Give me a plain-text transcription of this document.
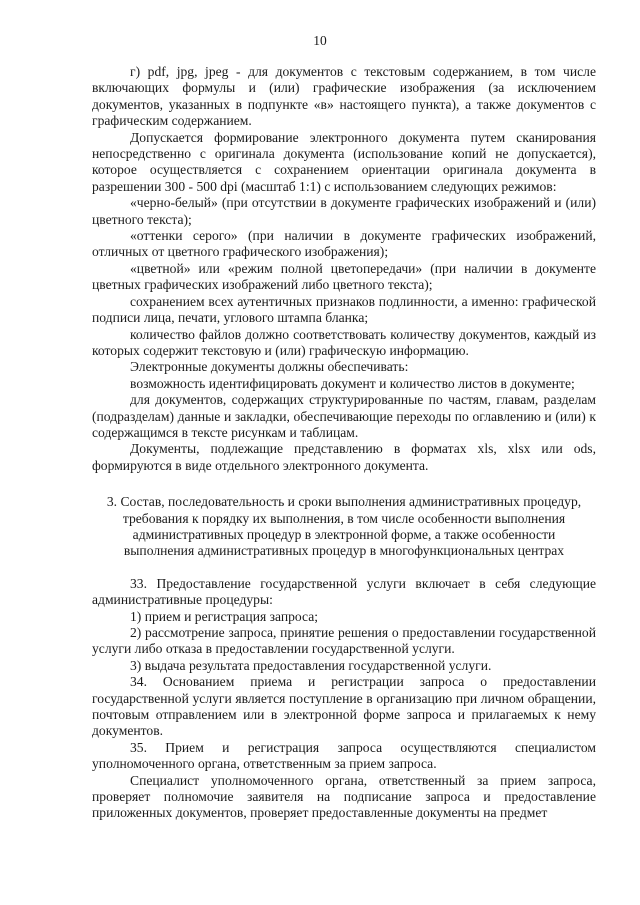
10

г) pdf, jpg, jpeg - для документов с текстовым содержанием, в том числе включающих формулы и (или) графические изображения (за исключением документов, указанных в подпункте «в» настоящего пункта), а также документов с графическим содержанием.

Допускается формирование электронного документа путем сканирования непосредственно с оригинала документа (использование копий не допускается), которое осуществляется с сохранением ориентации оригинала документа в разрешении 300 - 500 dpi (масштаб 1:1) с использованием следующих режимов:

«черно-белый» (при отсутствии в документе графических изображений и (или) цветного текста);

«оттенки серого» (при наличии в документе графических изображений, отличных от цветного графического изображения);

«цветной» или «режим полной цветопередачи» (при наличии в документе цветных графических изображений либо цветного текста);

сохранением всех аутентичных признаков подлинности, а именно: графической подписи лица, печати, углового штампа бланка;

количество файлов должно соответствовать количеству документов, каждый из которых содержит текстовую и (или) графическую информацию.

Электронные документы должны обеспечивать:

возможность идентифицировать документ и количество листов в документе;

для документов, содержащих структурированные по частям, главам, разделам (подразделам) данные и закладки, обеспечивающие переходы по оглавлению и (или) к содержащимся в тексте рисункам и таблицам.

Документы, подлежащие представлению в форматах xls, xlsx или ods, формируются в виде отдельного электронного документа.

3. Состав, последовательность и сроки выполнения административных процедур, требования к порядку их выполнения, в том числе особенности выполнения административных процедур в электронной форме, а также особенности выполнения административных процедур в многофункциональных центрах

33. Предоставление государственной услуги включает в себя следующие административные процедуры:

1) прием и регистрация запроса;

2) рассмотрение запроса, принятие решения о предоставлении государственной услуги либо отказа в предоставлении государственной услуги.

3) выдача результата предоставления государственной услуги.

34. Основанием приема и регистрации запроса о предоставлении государственной услуги является поступление в организацию при личном обращении, почтовым отправлением или в электронной форме запроса и прилагаемых к нему документов.

35. Прием и регистрация запроса осуществляются специалистом уполномоченного органа, ответственным за прием запроса.

Специалист уполномоченного органа, ответственный за прием запроса, проверяет полномочие заявителя на подписание запроса и предоставление приложенных документов, проверяет предоставленные документы на предмет
